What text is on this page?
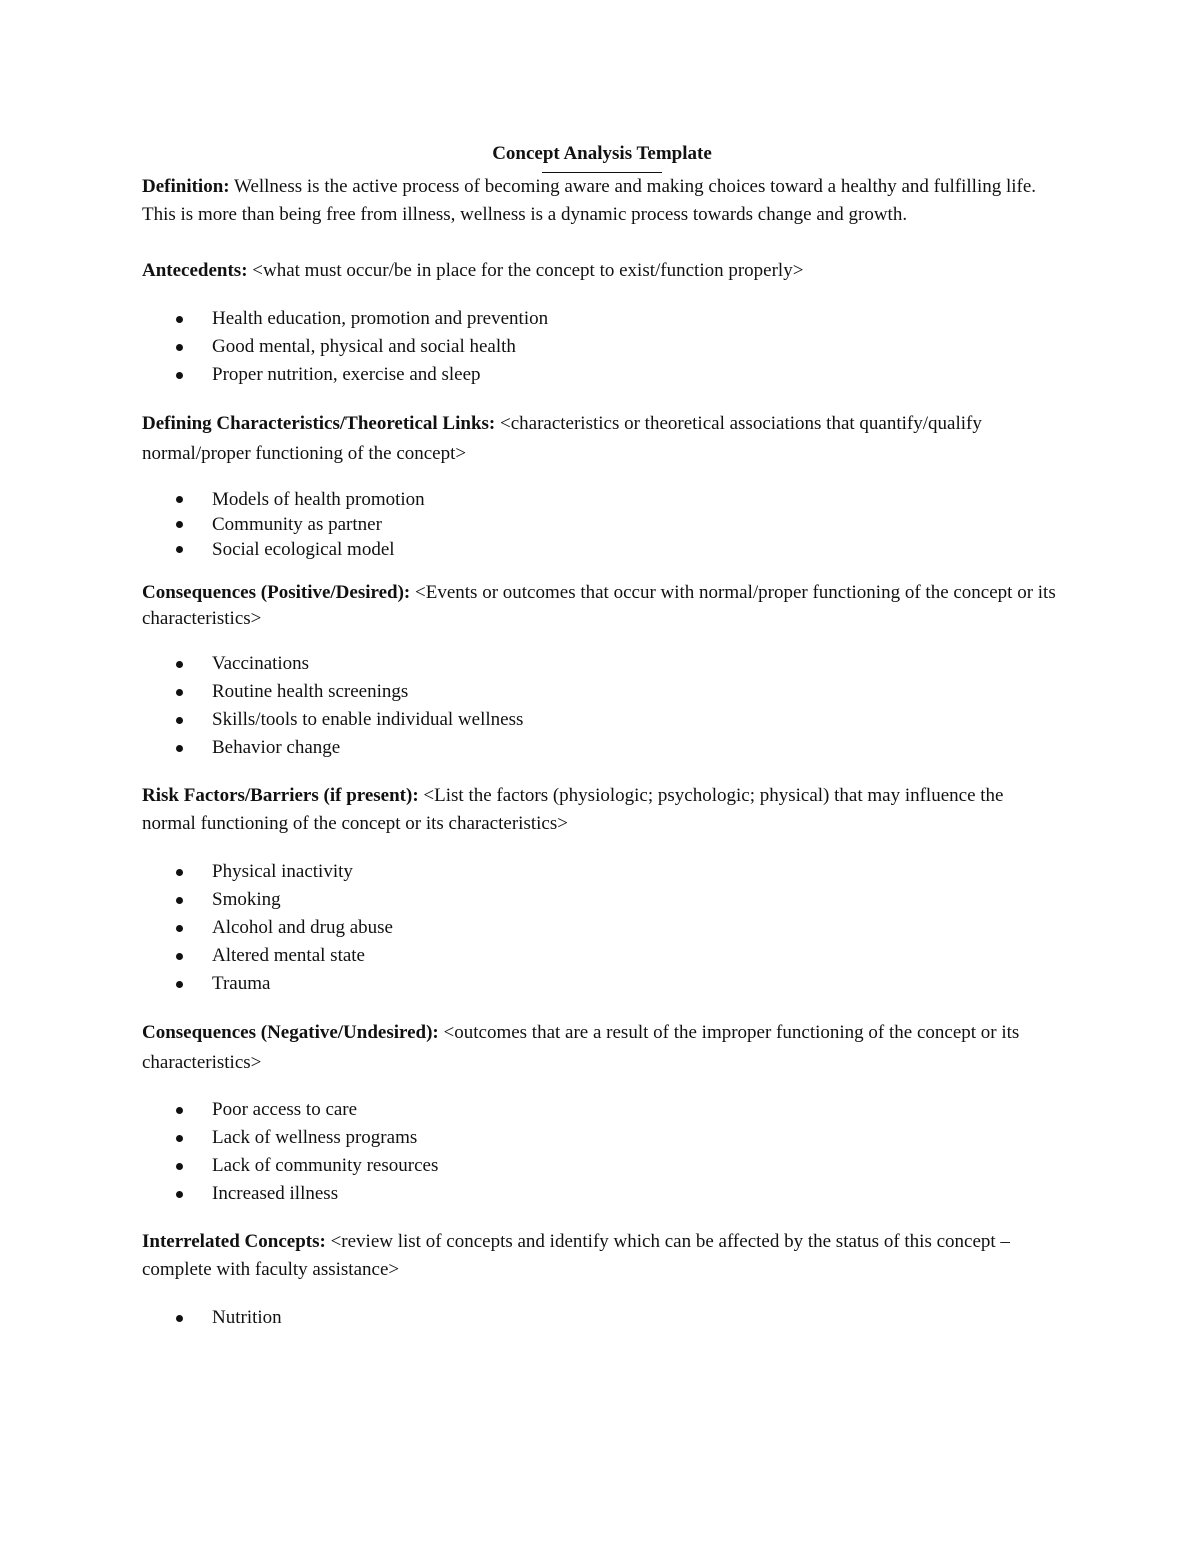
Concept Analysis Template

Definition: Wellness is the active process of becoming aware and making choices toward a healthy and fulfilling life. This is more than being free from illness, wellness is a dynamic process towards change and growth.

Antecedents: <what must occur/be in place for the concept to exist/function properly>

Health education, promotion and prevention
Good mental, physical and social health
Proper nutrition, exercise and sleep

Defining Characteristics/Theoretical Links: <characteristics or theoretical associations that quantify/qualify normal/proper functioning of the concept>

Models of health promotion
Community as partner
Social ecological model

Consequences (Positive/Desired): <Events or outcomes that occur with normal/proper functioning of the concept or its characteristics>

Vaccinations
Routine health screenings
Skills/tools to enable individual wellness
Behavior change

Risk Factors/Barriers (if present): <List the factors (physiologic; psychologic; physical) that may influence the normal functioning of the concept or its characteristics>

Physical inactivity
Smoking
Alcohol and drug abuse
Altered mental state
Trauma

Consequences (Negative/Undesired): <outcomes that are a result of the improper functioning of the concept or its characteristics>

Poor access to care
Lack of wellness programs
Lack of community resources
Increased illness

Interrelated Concepts: <review list of concepts and identify which can be affected by the status of this concept – complete with faculty assistance>

Nutrition
